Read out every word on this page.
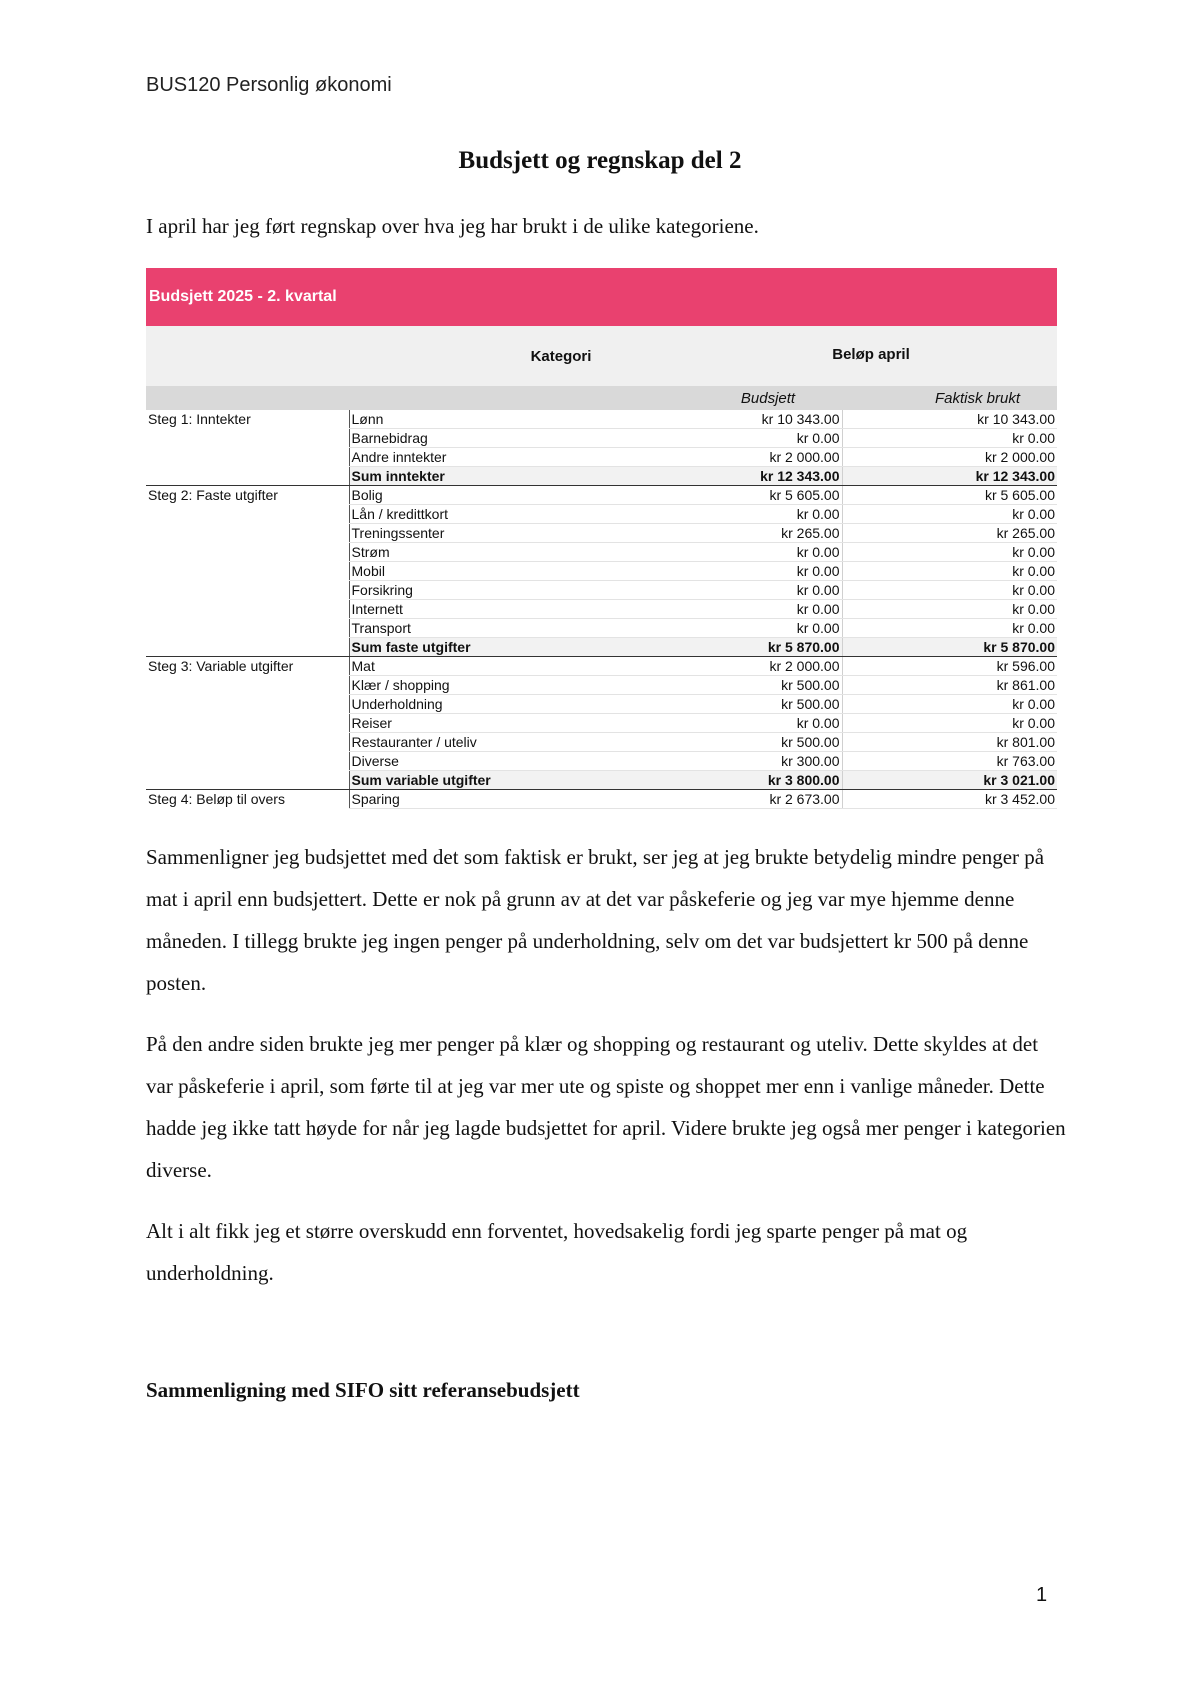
BUS120 Personlig økonomi
Budsjett og regnskap del 2
I april har jeg ført regnskap over hva jeg har brukt i de ulike kategoriene.
Budsjett 2025 - 2. kvartal
Kategori	Beløp april
Budsjett	Faktisk brukt
Steg 1: Inntekter	Lønn	kr 10 343.00	kr 10 343.00
	Barnebidrag	kr 0.00	kr 0.00
	Andre inntekter	kr 2 000.00	kr 2 000.00
	Sum inntekter	kr 12 343.00	kr 12 343.00
Steg 2: Faste utgifter	Bolig	kr 5 605.00	kr 5 605.00
	Lån / kredittkort	kr 0.00	kr 0.00
	Treningssenter	kr 265.00	kr 265.00
	Strøm	kr 0.00	kr 0.00
	Mobil	kr 0.00	kr 0.00
	Forsikring	kr 0.00	kr 0.00
	Internett	kr 0.00	kr 0.00
	Transport	kr 0.00	kr 0.00
	Sum faste utgifter	kr 5 870.00	kr 5 870.00
Steg 3: Variable utgifter	Mat	kr 2 000.00	kr 596.00
	Klær / shopping	kr 500.00	kr 861.00
	Underholdning	kr 500.00	kr 0.00
	Reiser	kr 0.00	kr 0.00
	Restauranter / uteliv	kr 500.00	kr 801.00
	Diverse	kr 300.00	kr 763.00
	Sum variable utgifter	kr 3 800.00	kr 3 021.00
Steg 4: Beløp til overs	Sparing	kr 2 673.00	kr 3 452.00
Sammenligner jeg budsjettet med det som faktisk er brukt, ser jeg at jeg brukte betydelig mindre penger på mat i april enn budsjettert. Dette er nok på grunn av at det var påskeferie og jeg var mye hjemme denne måneden. I tillegg brukte jeg ingen penger på underholdning, selv om det var budsjettert kr 500 på denne posten.
På den andre siden brukte jeg mer penger på klær og shopping og restaurant og uteliv. Dette skyldes at det var påskeferie i april, som førte til at jeg var mer ute og spiste og shoppet mer enn i vanlige måneder. Dette hadde jeg ikke tatt høyde for når jeg lagde budsjettet for april. Videre brukte jeg også mer penger i kategorien diverse.
Alt i alt fikk jeg et større overskudd enn forventet, hovedsakelig fordi jeg sparte penger på mat og underholdning.
Sammenligning med SIFO sitt referansebudsjett
1
